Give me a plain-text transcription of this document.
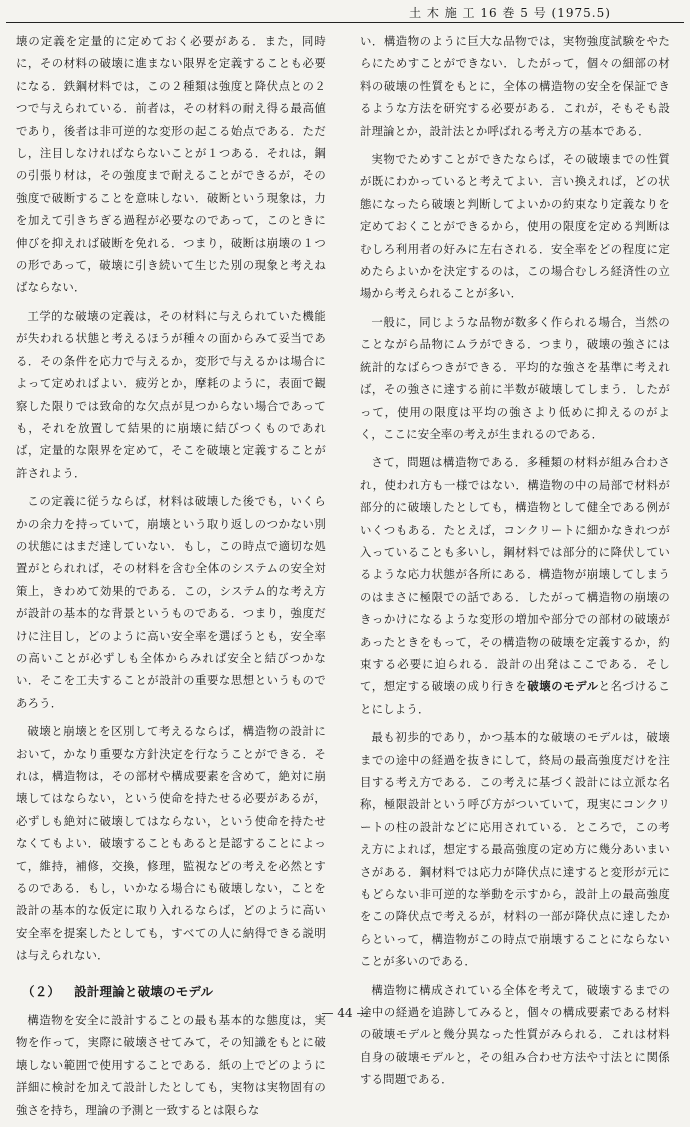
土 木 施 工 16 巻 5 号 (1975.5)

壊の定義を定量的に定めておく必要がある．また，同時に，その材料の破壊に進まない限界を定義することも必要になる．鉄鋼材料では，この２種類は強度と降伏点との２つで与えられている．前者は，その材料の耐え得る最高値であり，後者は非可逆的な変形の起こる始点である．ただし，注目しなければならないことが１つある．それは，鋼の引張り材は，その強度まで耐えることができるが，その強度で破断することを意味しない．破断という現象は，力を加えて引きちぎる過程が必要なのであって，このときに伸びを抑えれば破断を免れる．つまり，破断は崩壊の１つの形であって，破壊に引き続いて生じた別の現象と考えねばならない．

工学的な破壊の定義は，その材料に与えられていた機能が失われる状態と考えるほうが種々の面からみて妥当である．その条件を応力で与えるか，変形で与えるかは場合によって定めればよい．疲労とか，摩耗のように，表面で観察した限りでは致命的な欠点が見つからない場合であっても，それを放置して結果的に崩壊に結びつくものであれば，定量的な限界を定めて，そこを破壊と定義することが許されよう．

この定義に従うならば，材料は破壊した後でも，いくらかの余力を持っていて，崩壊という取り返しのつかない別の状態にはまだ達していない．もし，この時点で適切な処置がとられれば，その材料を含む全体のシステムの安全対策上，きわめて効果的である．この，システム的な考え方が設計の基本的な背景というものである．つまり，強度だけに注目し，どのように高い安全率を選ぼうとも，安全率の高いことが必ずしも全体からみれば安全と結びつかない．そこを工夫することが設計の重要な思想というものであろう．

破壊と崩壊とを区別して考えるならば，構造物の設計において，かなり重要な方針決定を行なうことができる．それは，構造物は，その部材や構成要素を含めて，絶対に崩壊してはならない，という使命を持たせる必要があるが，必ずしも絶対に破壊してはならない，という使命を持たせなくてもよい．破壊することもあると是認することによって，維持，補修，交換，修理，監視などの考えを必然とするのである．もし，いかなる場合にも破壊しない，ことを設計の基本的な仮定に取り入れるならば，どのように高い安全率を提案したとしても，すべての人に納得できる説明は与えられない．

（２） 設計理論と破壊のモデル

構造物を安全に設計することの最も基本的な態度は，実物を作って，実際に破壊させてみて，その知識をもとに破壊しない範囲で使用することである．紙の上でどのように詳細に検討を加えて設計したとしても，実物は実物固有の強さを持ち，理論の予測と一致するとは限らな

い．構造物のように巨大な品物では，実物強度試験をやたらにためすことができない．したがって，個々の細部の材料の破壊の性質をもとに，全体の構造物の安全を保証できるような方法を研究する必要がある．これが，そもそも設計理論とか，設計法とか呼ばれる考え方の基本である．

実物でためすことができたならば，その破壊までの性質が既にわかっていると考えてよい．言い換えれば，どの状態になったら破壊と判断してよいかの約束なり定義なりを定めておくことができるから，使用の限度を定める判断はむしろ利用者の好みに左右される．安全率をどの程度に定めたらよいかを決定するのは，この場合むしろ経済性の立場から考えられることが多い．

一般に，同じような品物が数多く作られる場合，当然のことながら品物にムラができる．つまり，破壊の強さには統計的なばらつきができる．平均的な強さを基準に考えれば，その強さに達する前に半数が破壊してしまう．したがって，使用の限度は平均の強さより低めに抑えるのがよく，ここに安全率の考えが生まれるのである．

さて，問題は構造物である．多種類の材料が組み合わされ，使われ方も一様ではない．構造物の中の局部で材料が部分的に破壊したとしても，構造物として健全である例がいくつもある．たとえば，コンクリートに細かなきれつが入っていることも多いし，鋼材料では部分的に降伏しているような応力状態が各所にある．構造物が崩壊してしまうのはまさに極限での話である．したがって構造物の崩壊のきっかけになるような変形の増加や部分での部材の破壊があったときをもって，その構造物の破壊を定義するか，約束する必要に迫られる．設計の出発はここである．そして，想定する破壊の成り行きを破壊のモデルと名づけることにしよう．

最も初歩的であり，かつ基本的な破壊のモデルは，破壊までの途中の経過を抜きにして，終局の最高強度だけを注目する考え方である．この考えに基づく設計には立派な名称，極限設計という呼び方がついていて，現実にコンクリートの柱の設計などに応用されている．ところで，この考え方によれば，想定する最高強度の定め方に幾分あいまいさがある．鋼材料では応力が降伏点に達すると変形が元にもどらない非可逆的な挙動を示すから，設計上の最高強度をこの降伏点で考えるが，材料の一部が降伏点に達したからといって，構造物がこの時点で崩壊することにならないことが多いのである．

構造物に構成されている全体を考えて，破壊するまでの途中の経過を追跡してみると，個々の構成要素である材料の破壊モデルと幾分異なった性質がみられる．これは材料自身の破壊モデルと，その組み合わせ方法や寸法とに関係する問題である．

— 44 —
